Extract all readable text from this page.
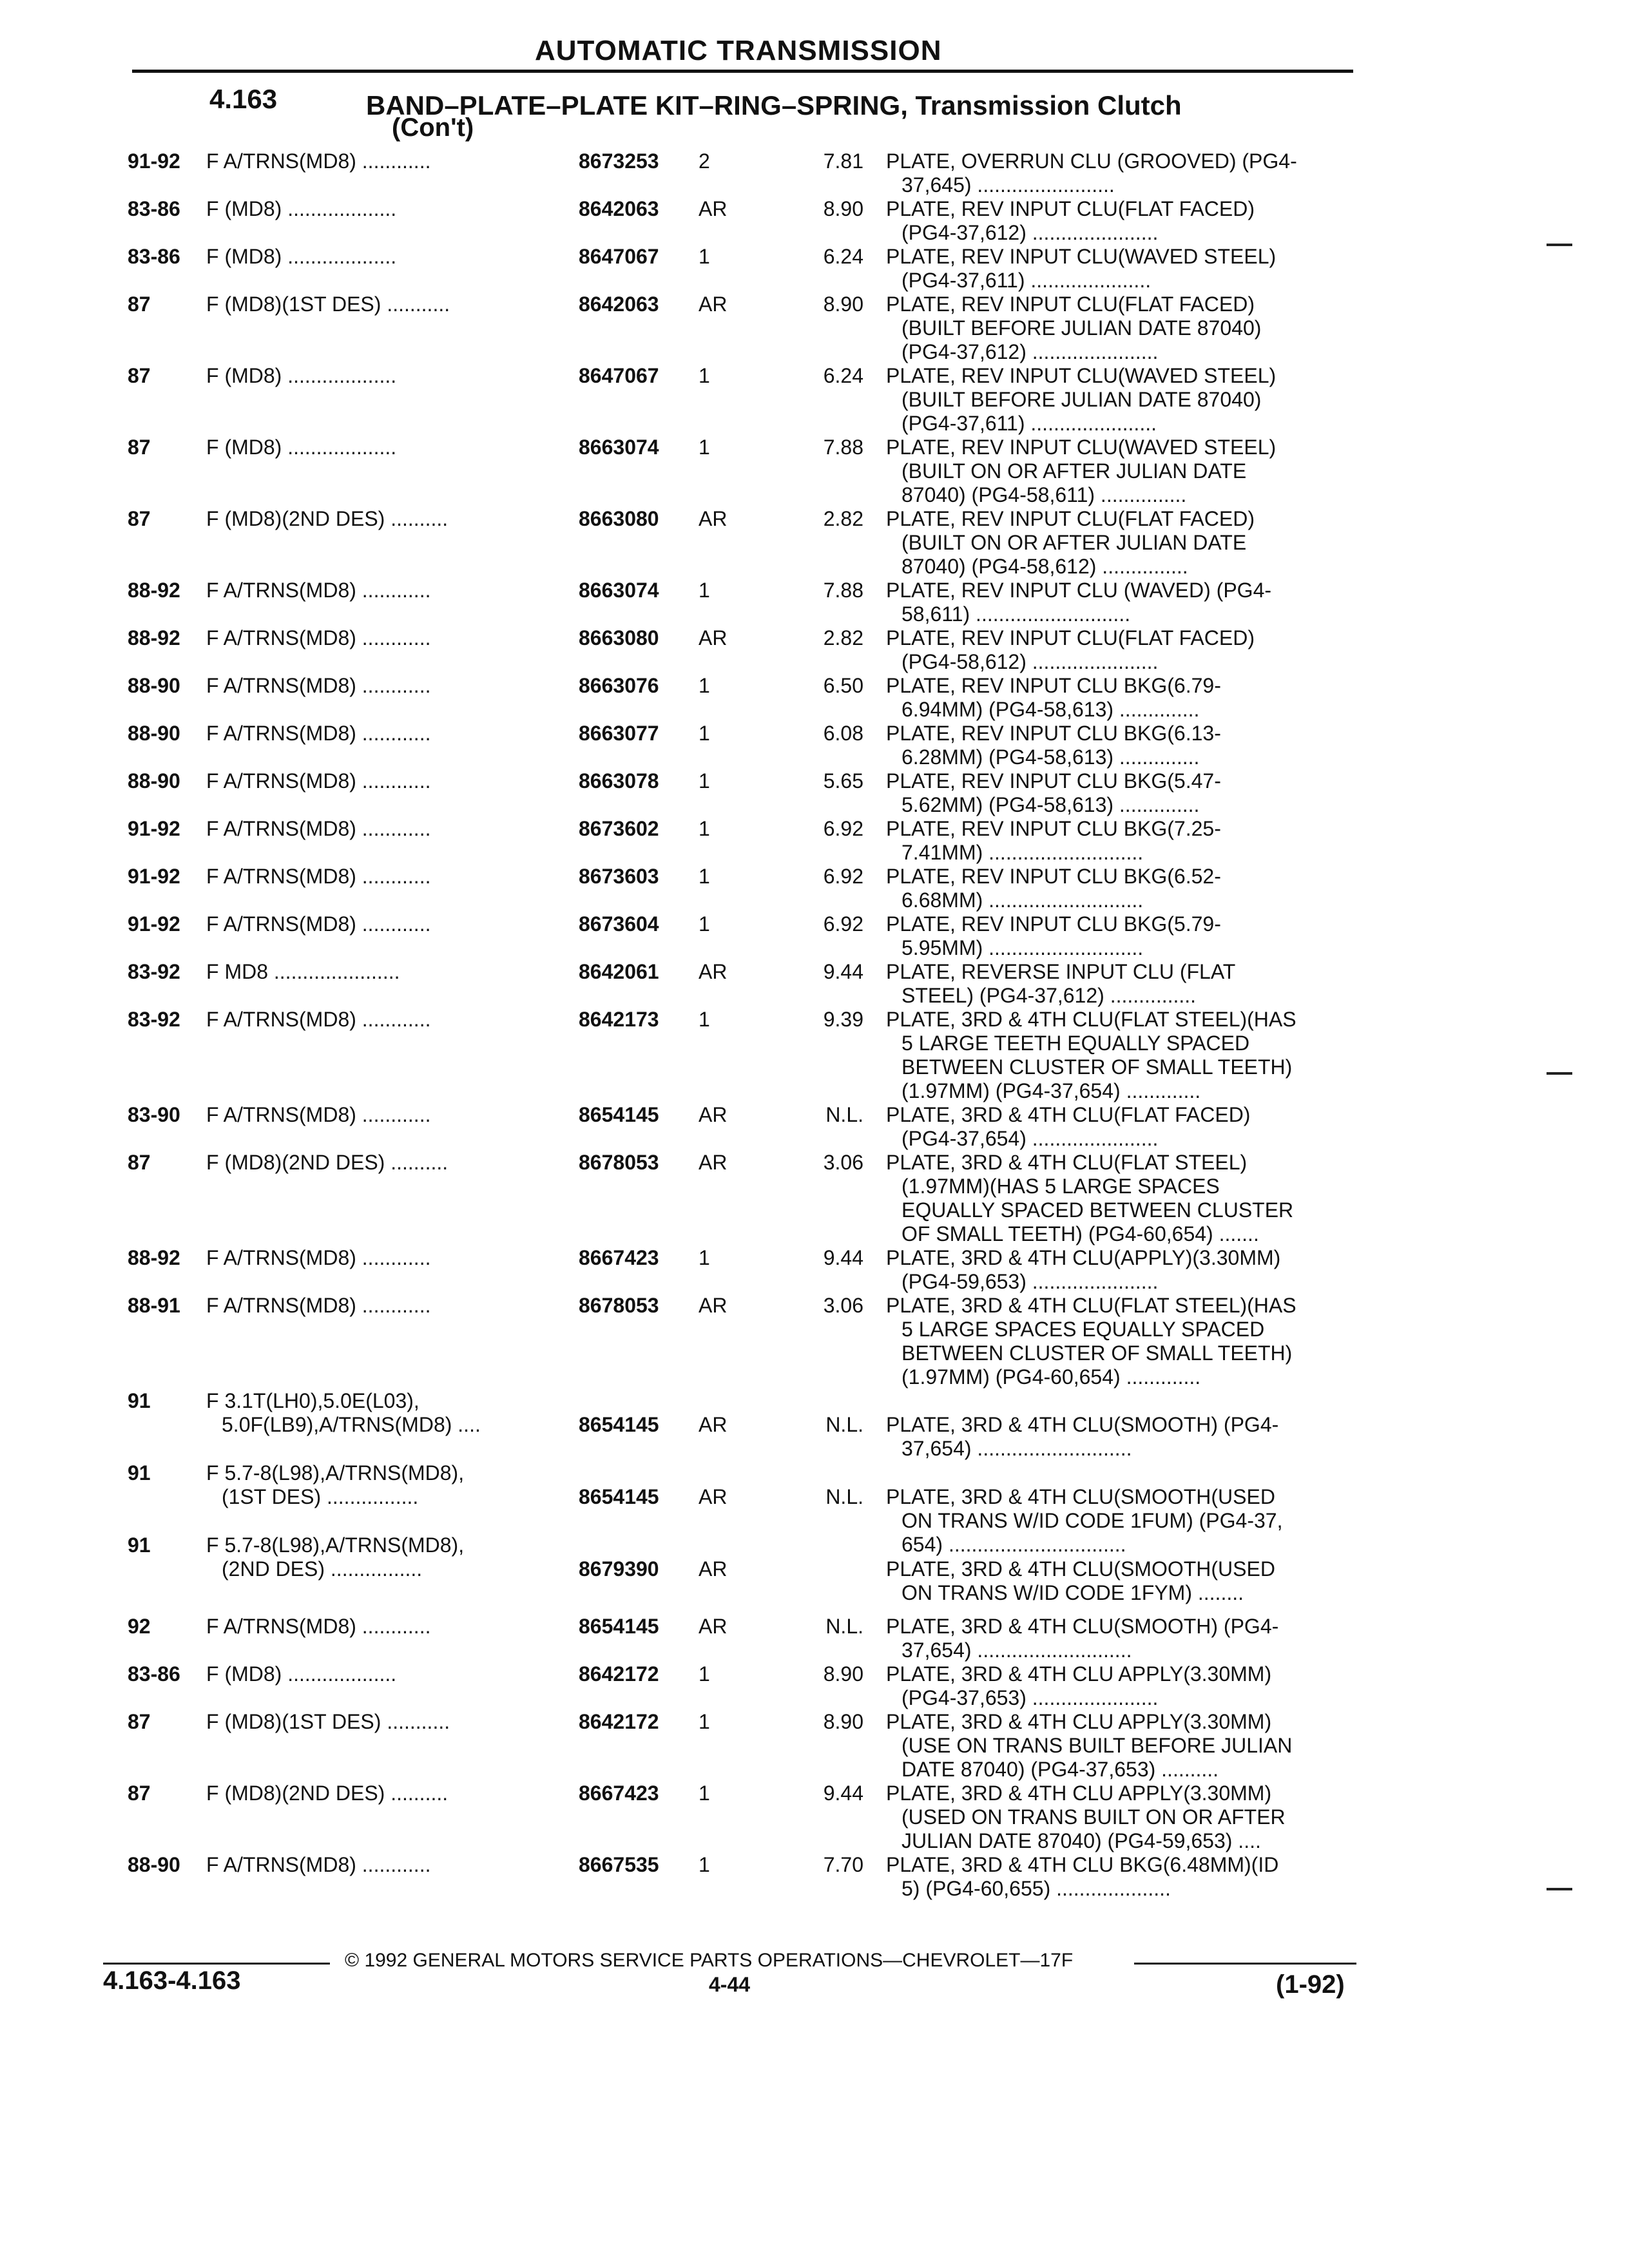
AUTOMATIC TRANSMISSION
4.163	BAND–PLATE–PLATE KIT–RING–SPRING, Transmission Clutch
(Con't)
91-92 F A/TRNS(MD8) ............	8673253 2	7.81 PLATE, OVERRUN CLU (GROOVED) (PG4-
37,645) ........................
83-86 F (MD8) ...................	8642063 AR	8.90 PLATE, REV INPUT CLU(FLAT FACED)
(PG4-37,612) ......................
83-86 F (MD8) ...................	8647067 1	6.24 PLATE, REV INPUT CLU(WAVED STEEL)
(PG4-37,611) .....................
87	F (MD8)(1ST DES) ...........	8642063 AR	8.90 PLATE, REV INPUT CLU(FLAT FACED)
(BUILT BEFORE JULIAN DATE 87040)
(PG4-37,612) ......................
87	F (MD8) ...................	8647067 1	6.24 PLATE, REV INPUT CLU(WAVED STEEL)
(BUILT BEFORE JULIAN DATE 87040)
(PG4-37,611) ......................
87	F (MD8) ...................	8663074 1	7.88 PLATE, REV INPUT CLU(WAVED STEEL)
(BUILT ON OR AFTER JULIAN DATE
87040) (PG4-58,611) ...............
87	F (MD8)(2ND DES) ..........	8663080 AR	2.82 PLATE, REV INPUT CLU(FLAT FACED)
(BUILT ON OR AFTER JULIAN DATE
87040) (PG4-58,612) ...............
88-92 F A/TRNS(MD8) ............	8663074 1	7.88 PLATE, REV INPUT CLU (WAVED) (PG4-
58,611) ...........................
88-92 F A/TRNS(MD8) ............	8663080 AR	2.82 PLATE, REV INPUT CLU(FLAT FACED)
(PG4-58,612) ......................
88-90 F A/TRNS(MD8) ............	8663076 1	6.50 PLATE, REV INPUT CLU BKG(6.79-
6.94MM) (PG4-58,613) ..............
88-90 F A/TRNS(MD8) ............	8663077 1	6.08 PLATE, REV INPUT CLU BKG(6.13-
6.28MM) (PG4-58,613) ..............
88-90 F A/TRNS(MD8) ............	8663078 1	5.65 PLATE, REV INPUT CLU BKG(5.47-
5.62MM) (PG4-58,613) ..............
91-92 F A/TRNS(MD8) ............	8673602 1	6.92 PLATE, REV INPUT CLU BKG(7.25-
7.41MM) ...........................
91-92 F A/TRNS(MD8) ............	8673603 1	6.92 PLATE, REV INPUT CLU BKG(6.52-
6.68MM) ...........................
91-92 F A/TRNS(MD8) ............	8673604 1	6.92 PLATE, REV INPUT CLU BKG(5.79-
5.95MM) ...........................
83-92 F MD8 ......................	8642061 AR	9.44 PLATE, REVERSE INPUT CLU (FLAT
STEEL) (PG4-37,612) ...............
83-92 F A/TRNS(MD8) ............	8642173 1	9.39 PLATE, 3RD & 4TH CLU(FLAT STEEL)(HAS
5 LARGE TEETH EQUALLY SPACED
BETWEEN CLUSTER OF SMALL TEETH)
(1.97MM) (PG4-37,654) .............
83-90 F A/TRNS(MD8) ............	8654145 AR	N.L. PLATE, 3RD & 4TH CLU(FLAT FACED)
(PG4-37,654) ......................
87	F (MD8)(2ND DES) ..........	8678053 AR	3.06 PLATE, 3RD & 4TH CLU(FLAT STEEL)
(1.97MM)(HAS 5 LARGE SPACES
EQUALLY SPACED BETWEEN CLUSTER
OF SMALL TEETH) (PG4-60,654) .......
88-92 F A/TRNS(MD8) ............	8667423 1	9.44 PLATE, 3RD & 4TH CLU(APPLY)(3.30MM)
(PG4-59,653) ......................
88-91 F A/TRNS(MD8) ............	8678053 AR	3.06 PLATE, 3RD & 4TH CLU(FLAT STEEL)(HAS
5 LARGE SPACES EQUALLY SPACED
BETWEEN CLUSTER OF SMALL TEETH)
(1.97MM) (PG4-60,654) .............
91	F 3.1T(LH0),5.0E(L03),
5.0F(LB9),A/TRNS(MD8) ....	8654145 AR	N.L.
PLATE, 3RD & 4TH CLU(SMOOTH) (PG4-
37,654) ...........................
91	F 5.7-8(L98),A/TRNS(MD8),
(1ST DES) ................	8654145 AR	N.L.
PLATE, 3RD & 4TH CLU(SMOOTH(USED
ON TRANS W/ID CODE 1FUM) (PG4-37,
654) ...............................
91	F 5.7-8(L98),A/TRNS(MD8),
(2ND DES) ................	8679390 AR
	PLATE, 3RD & 4TH CLU(SMOOTH(USED
ON TRANS W/ID CODE 1FYM) ........
92	F A/TRNS(MD8) ............	8654145 AR	N.L. PLATE, 3RD & 4TH CLU(SMOOTH) (PG4-
37,654) ...........................
83-86 F (MD8) ...................	8642172 1	8.90 PLATE, 3RD & 4TH CLU APPLY(3.30MM)
(PG4-37,653) ......................
87	F (MD8)(1ST DES) ...........	8642172 1	8.90 PLATE, 3RD & 4TH CLU APPLY(3.30MM)
(USE ON TRANS BUILT BEFORE JULIAN
DATE 87040) (PG4-37,653) ..........
87	F (MD8)(2ND DES) ..........	8667423 1	9.44 PLATE, 3RD & 4TH CLU APPLY(3.30MM)
(USED ON TRANS BUILT ON OR AFTER
JULIAN DATE 87040) (PG4-59,653) ....
88-90 F A/TRNS(MD8) ............	8667535 1	7.70 PLATE, 3RD & 4TH CLU BKG(6.48MM)(ID
5) (PG4-60,655) ....................
© 1992 GENERAL MOTORS SERVICE PARTS OPERATIONS—CHEVROLET—17F
4.163-4.163	4-44	(1-92)
